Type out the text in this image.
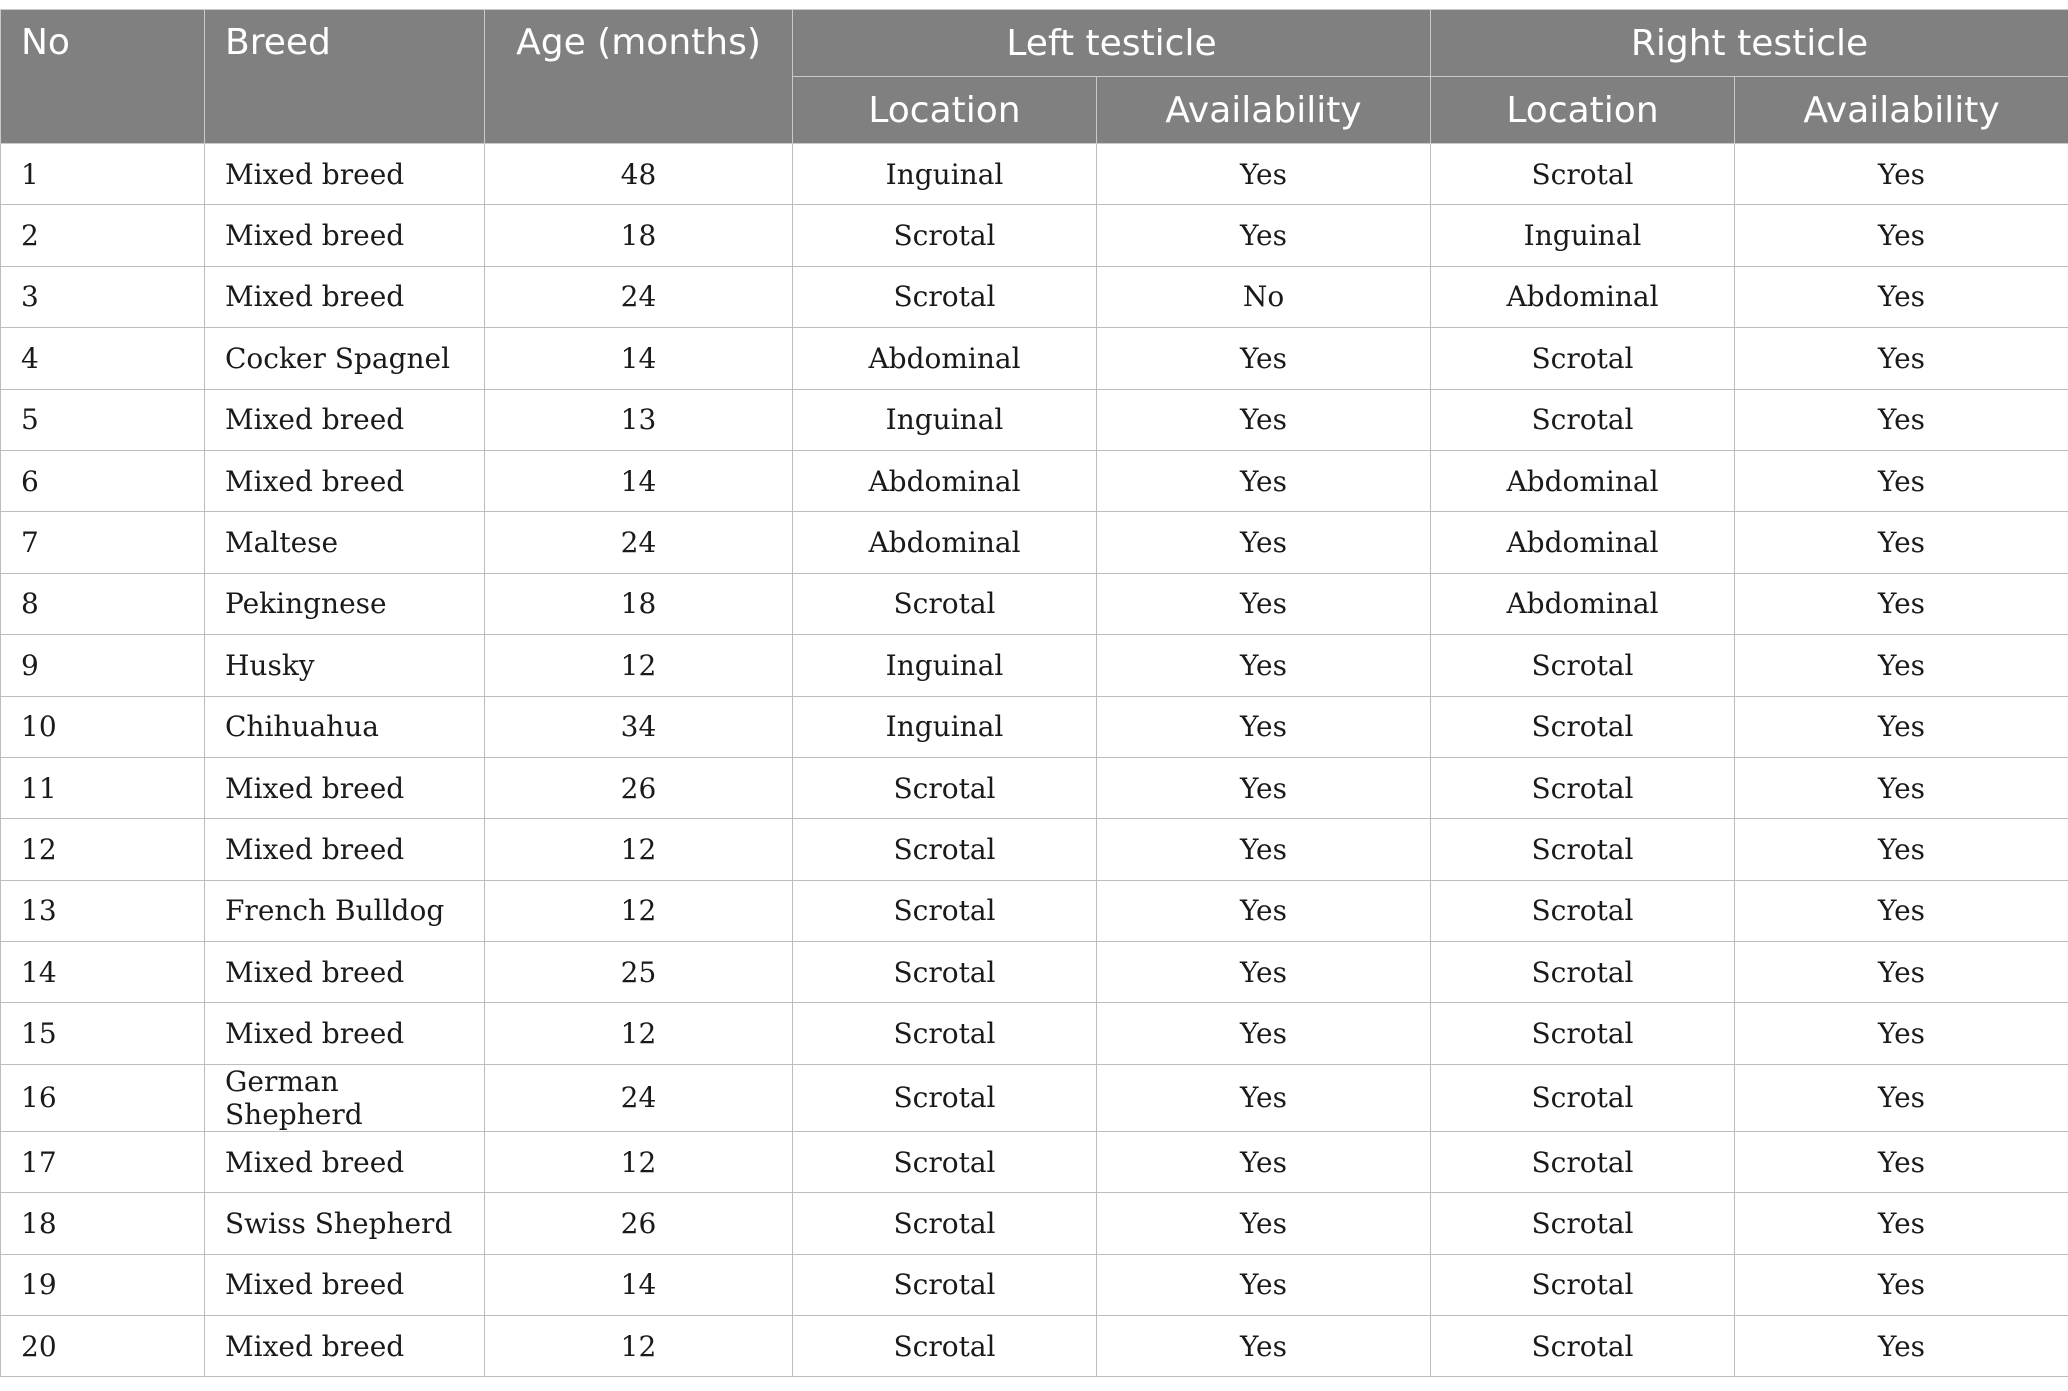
No	Breed	Age (months)	Left testicle		Right testicle	
			Location	Availability	Location	Availability
1	Mixed breed	48	Inguinal	Yes	Scrotal	Yes
2	Mixed breed	18	Scrotal	Yes	Inguinal	Yes
3	Mixed breed	24	Scrotal	No	Abdominal	Yes
4	Cocker Spagnel	14	Abdominal	Yes	Scrotal	Yes
5	Mixed breed	13	Inguinal	Yes	Scrotal	Yes
6	Mixed breed	14	Abdominal	Yes	Abdominal	Yes
7	Maltese	24	Abdominal	Yes	Abdominal	Yes
8	Pekingnese	18	Scrotal	Yes	Abdominal	Yes
9	Husky	12	Inguinal	Yes	Scrotal	Yes
10	Chihuahua	34	Inguinal	Yes	Scrotal	Yes
11	Mixed breed	26	Scrotal	Yes	Scrotal	Yes
12	Mixed breed	12	Scrotal	Yes	Scrotal	Yes
13	French Bulldog	12	Scrotal	Yes	Scrotal	Yes
14	Mixed breed	25	Scrotal	Yes	Scrotal	Yes
15	Mixed breed	12	Scrotal	Yes	Scrotal	Yes
16	German Shepherd	24	Scrotal	Yes	Scrotal	Yes
17	Mixed breed	12	Scrotal	Yes	Scrotal	Yes
18	Swiss Shepherd	26	Scrotal	Yes	Scrotal	Yes
19	Mixed breed	14	Scrotal	Yes	Scrotal	Yes
20	Mixed breed	12	Scrotal	Yes	Scrotal	Yes
